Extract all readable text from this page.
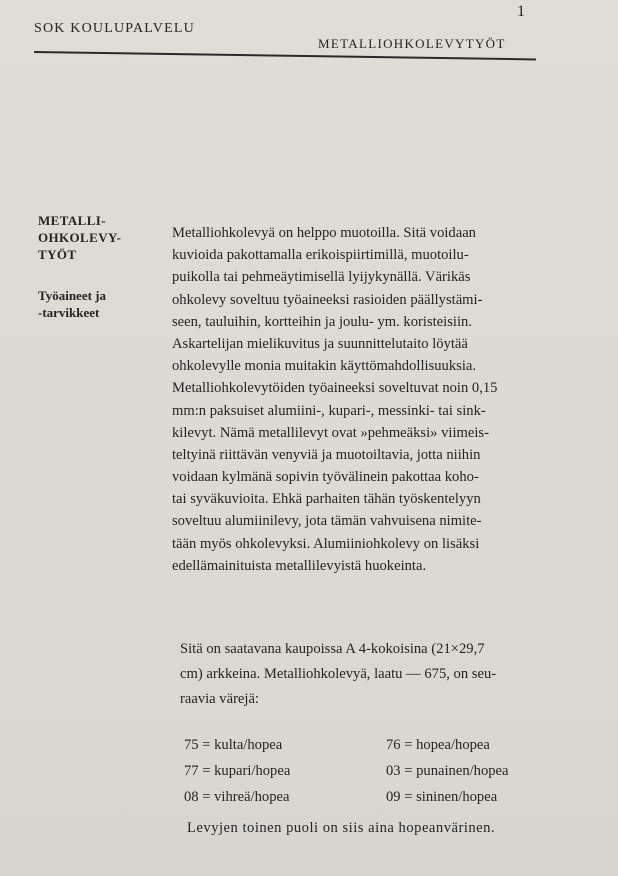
1
SOK KOULUPALVELU
METALLIOHKOLEVYTYÖT
METALLI-
OHKOLEVY-
TYÖT
Työaineet ja
-tarvikkeet
Metalliohkolevyä on helppo muotoilla. Sitä voidaan
kuvioida pakottamalla erikoispiirtimillä, muotoilu-
puikolla tai pehmeäytimisellä lyijykynällä. Värikäs
ohkolevy soveltuu työaineeksi rasioiden päällystämi-
seen, tauluihin, kortteihin ja joulu- ym. koristeisiin.
Askartelijan mielikuvitus ja suunnittelutaito löytää
ohkolevylle monia muitakin käyttömahdollisuuksia.
Metalliohkolevytöiden työaineeksi soveltuvat noin 0,15
mm:n paksuiset alumiini-, kupari-, messinki- tai sink-
kilevyt. Nämä metallilevyt ovat »pehmeäksi» viimeis-
teltyinä riittävän venyviä ja muotoiltavia, jotta niihin
voidaan kylmänä sopivin työvälinein pakottaa koho-
tai syväkuvioita. Ehkä parhaiten tähän työskentelyyn
soveltuu alumiinilevy, jota tämän vahvuisena nimite-
tään myös ohkolevyksi. Alumiiniohkolevy on lisäksi
edellämainituista metallilevyistä huokeinta.
Sitä on saatavana kaupoissa A 4-kokoisina (21×29,7
cm) arkkeina. Metalliohkolevyä, laatu — 675, on seu-
raavia värejä:
75 = kulta/hopea	76 = hopea/hopea
77 = kupari/hopea	03 = punainen/hopea
08 = vihreä/hopea	09 = sininen/hopea
Levyjen toinen puoli on siis aina hopeanvärinen.
